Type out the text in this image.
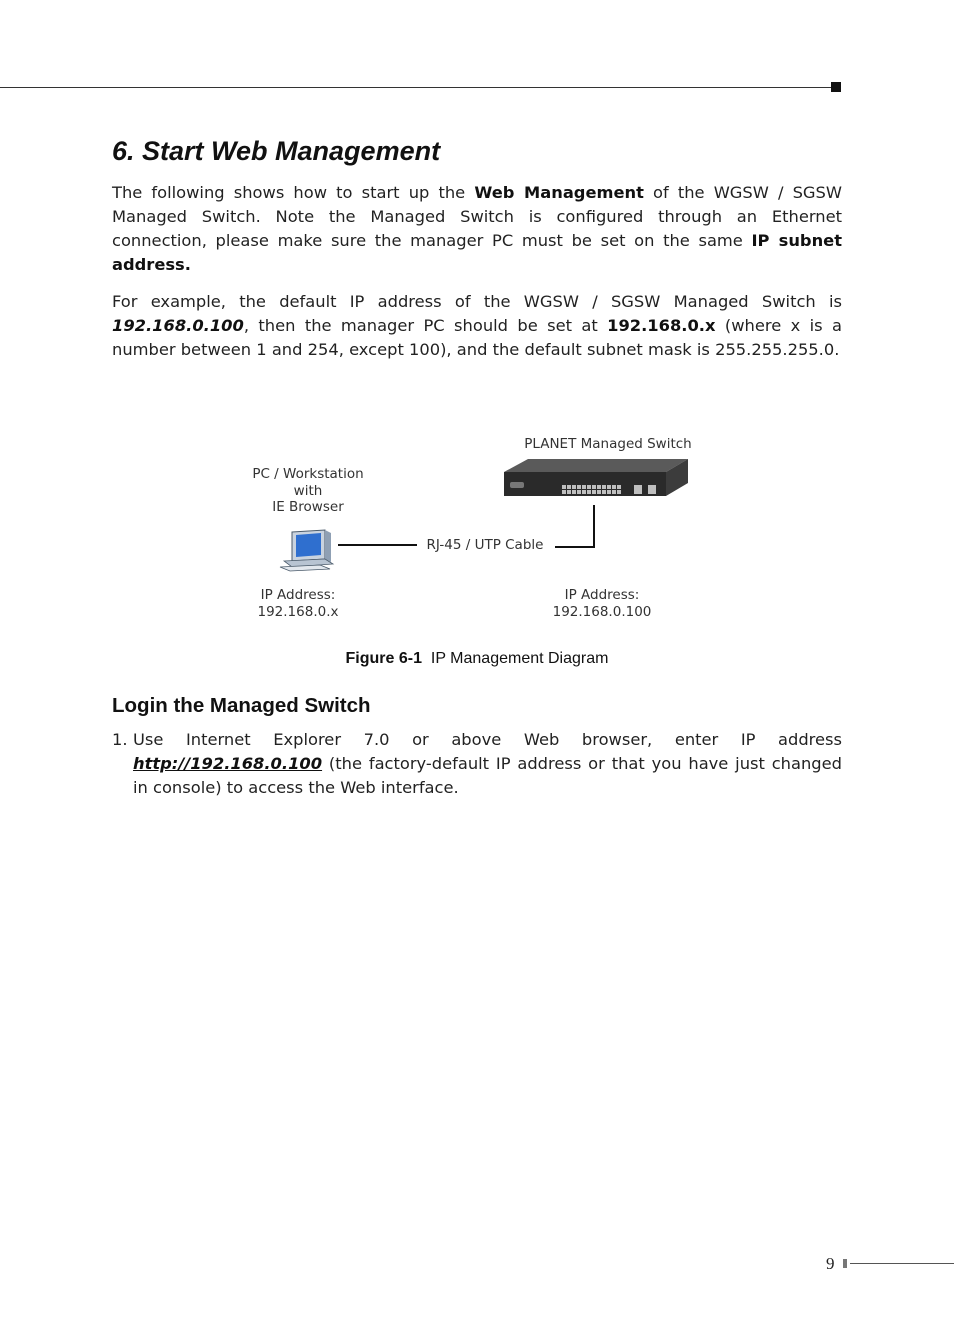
6. Start Web Management

The following shows how to start up the Web Management of the WGSW / SGSW Managed Switch. Note the Managed Switch is configured through an Ethernet connection, please make sure the manager PC must be set on the same IP subnet address.

For example, the default IP address of the WGSW / SGSW Managed Switch is 192.168.0.100, then the manager PC should be set at 192.168.0.x (where x is a number between 1 and 254, except 100), and the default subnet mask is 255.255.255.0.

PLANET Managed Switch
PC / Workstation
with
IE Browser
RJ-45 / UTP Cable
IP Address:
192.168.0.x
IP Address:
192.168.0.100
Figure 6-1 IP Management Diagram
Login the Managed Switch
1. Use Internet Explorer 7.0 or above Web browser, enter IP address http://192.168.0.100 (the factory-default IP address or that you have just changed in console) to access the Web interface.
9
